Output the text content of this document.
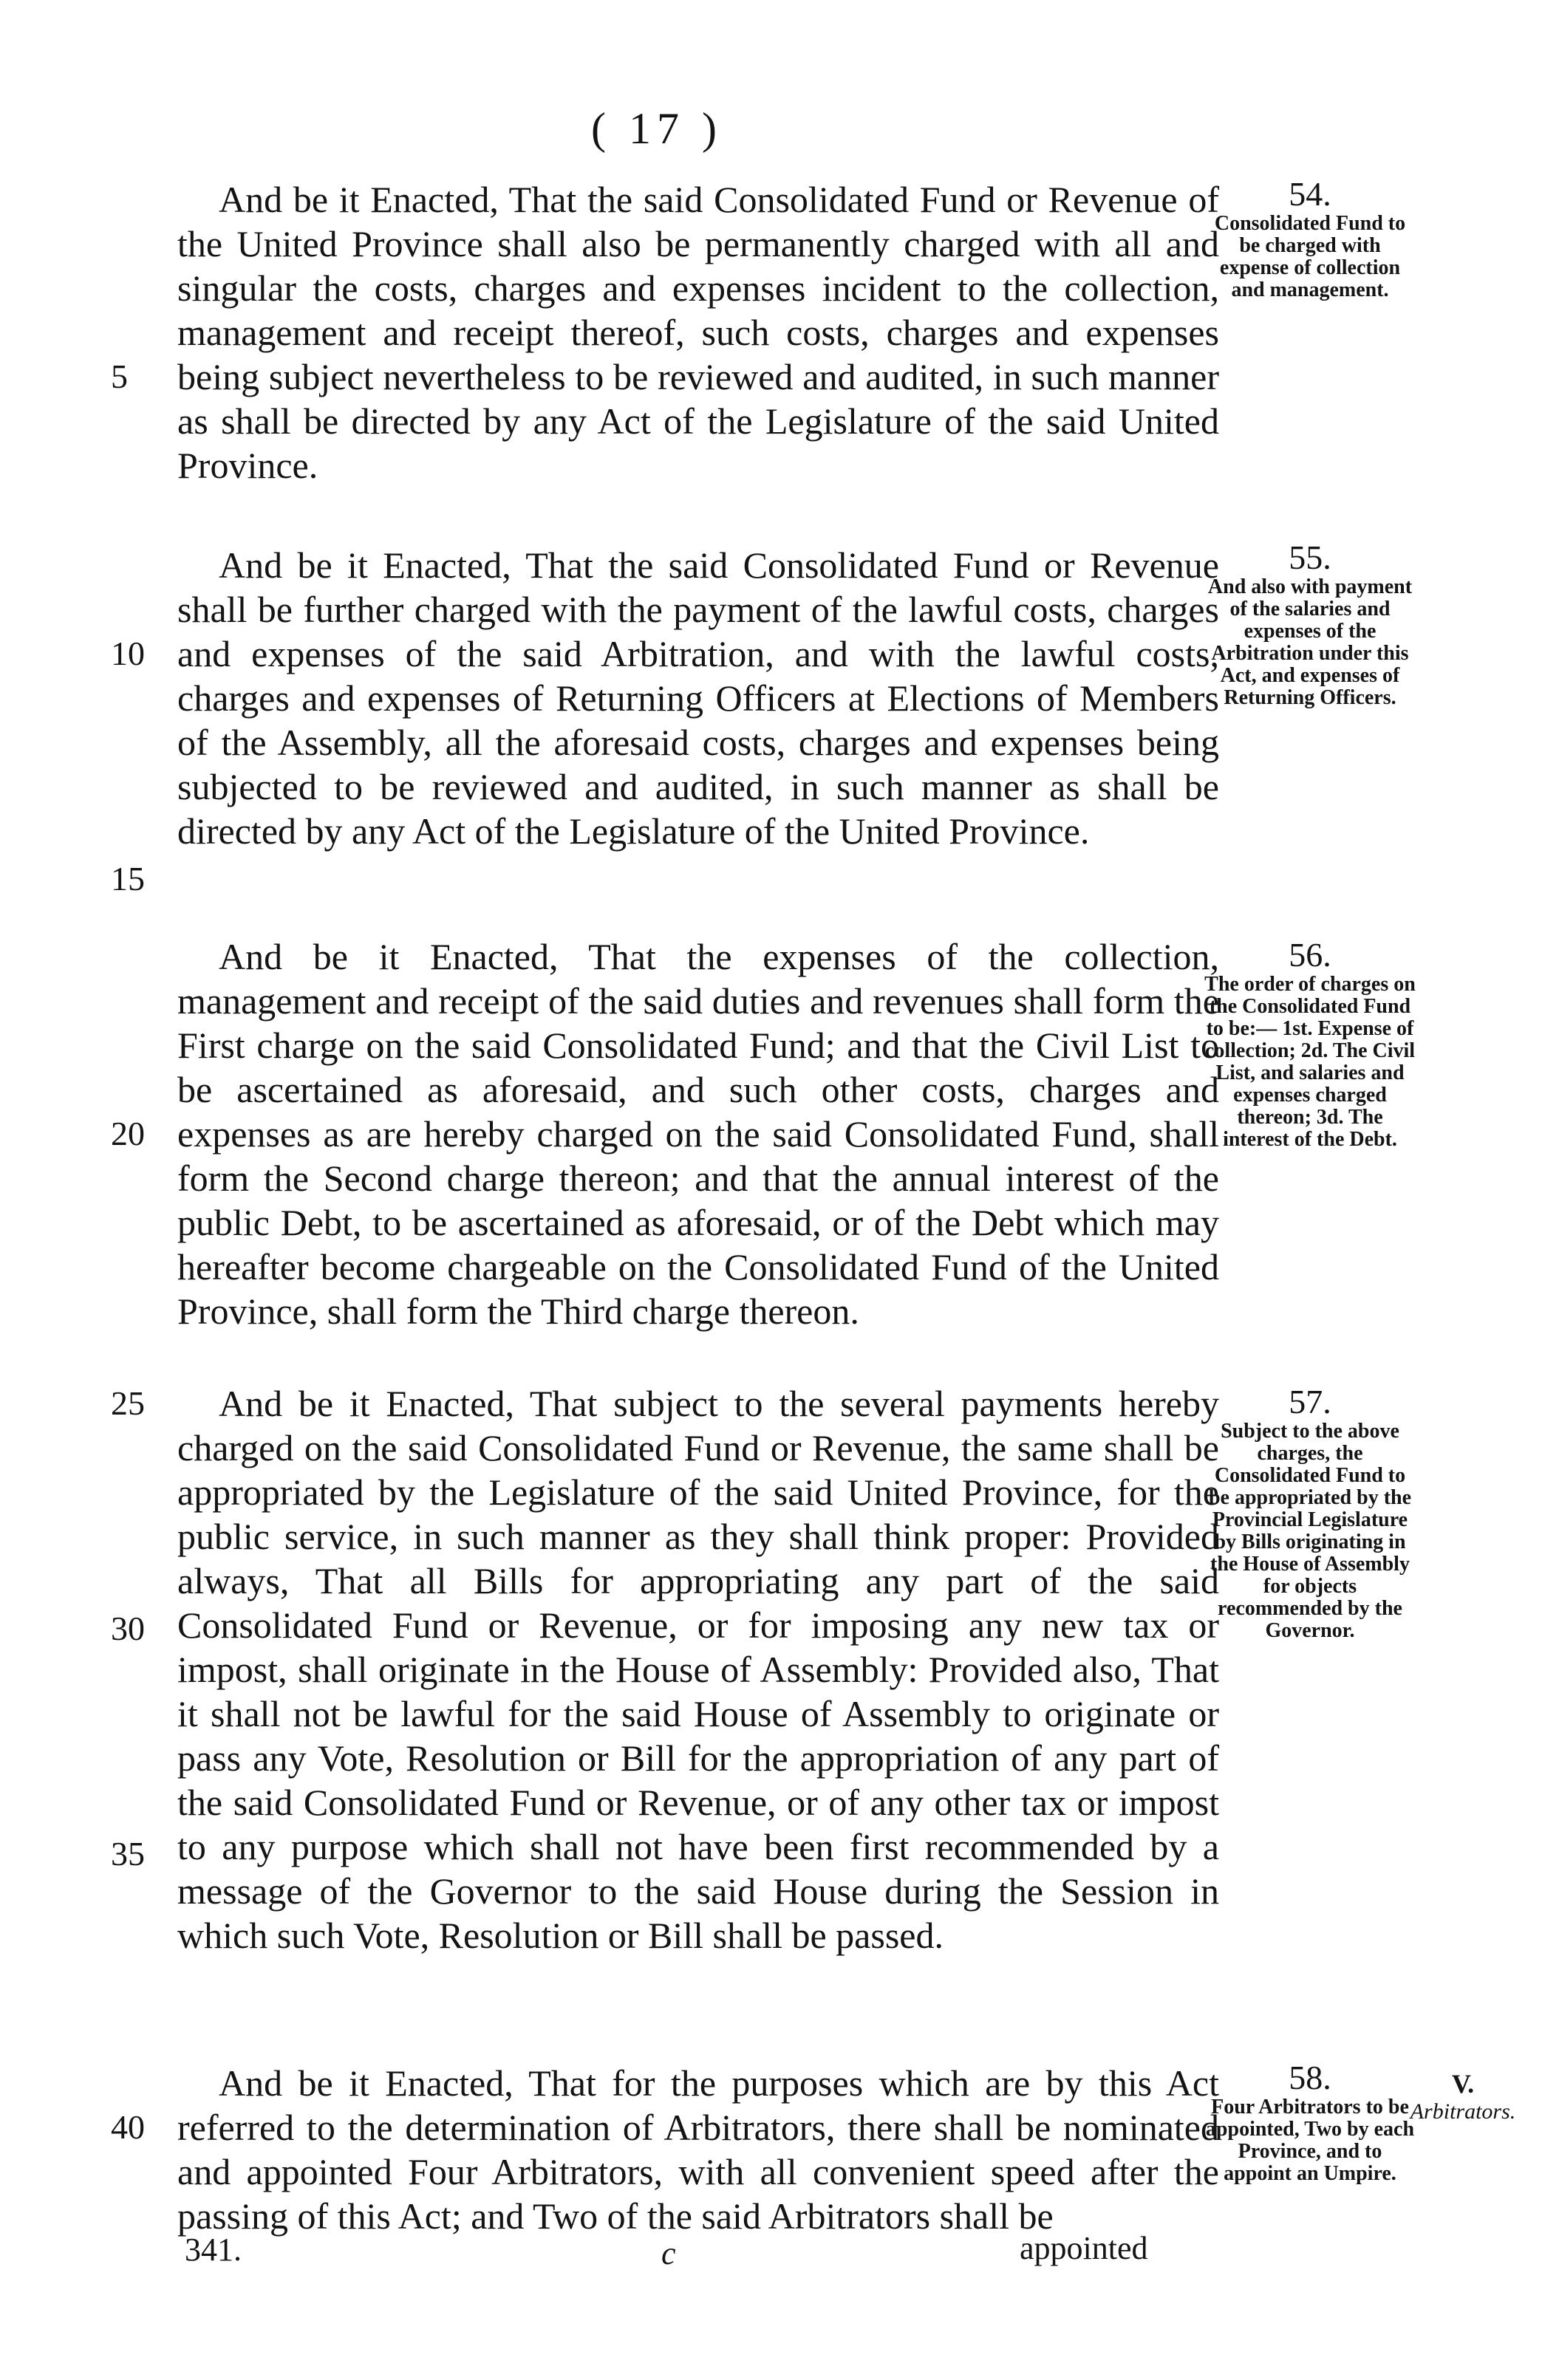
( 17 )

And be it Enacted, That the said Consolidated Fund or Revenue of the United Province shall also be permanently charged with all and singular the costs, charges and expenses incident to the collection, management and receipt thereof, such costs, charges and expenses being subject nevertheless to be reviewed and audited, in such manner as shall be directed by any Act of the Legislature of the said United Province.

54.
Consolidated Fund to be charged with expense of collection and management.

And be it Enacted, That the said Consolidated Fund or Revenue shall be further charged with the payment of the lawful costs, charges and expenses of the said Arbitration, and with the lawful costs, charges and expenses of Returning Officers at Elections of Members of the Assembly, all the aforesaid costs, charges and expenses being subjected to be reviewed and audited, in such manner as shall be directed by any Act of the Legislature of the United Province.

55.
And also with payment of the salaries and expenses of the Arbitration under this Act, and expenses of Returning Officers.

And be it Enacted, That the expenses of the collection, management and receipt of the said duties and revenues shall form the First charge on the said Consolidated Fund; and that the Civil List to be ascertained as aforesaid, and such other costs, charges and expenses as are hereby charged on the said Consolidated Fund, shall form the Second charge thereon; and that the annual interest of the public Debt, to be ascertained as aforesaid, or of the Debt which may hereafter become chargeable on the Consolidated Fund of the United Province, shall form the Third charge thereon.

56.
The order of charges on the Consolidated Fund to be:— 1st. Expense of collection; 2d. The Civil List, and salaries and expenses charged thereon; 3d. The interest of the Debt.

And be it Enacted, That subject to the several payments hereby charged on the said Consolidated Fund or Revenue, the same shall be appropriated by the Legislature of the said United Province, for the public service, in such manner as they shall think proper: Provided always, That all Bills for appropriating any part of the said Consolidated Fund or Revenue, or for imposing any new tax or impost, shall originate in the House of Assembly: Provided also, That it shall not be lawful for the said House of Assembly to originate or pass any Vote, Resolution or Bill for the appropriation of any part of the said Consolidated Fund or Revenue, or of any other tax or impost to any purpose which shall not have been first recommended by a message of the Governor to the said House during the Session in which such Vote, Resolution or Bill shall be passed.

57.
Subject to the above charges, the Consolidated Fund to be appropriated by the Provincial Legislature by Bills originating in the House of Assembly for objects recommended by the Governor.

And be it Enacted, That for the purposes which are by this Act referred to the determination of Arbitrators, there shall be nominated and appointed Four Arbitrators, with all convenient speed after the passing of this Act; and Two of the said Arbitrators shall be

58.
Four Arbitrators to be appointed, Two by each Province, and to appoint an Umpire.
V.
Arbitrators.
5
10
15
20
25
30
35
40
341.	c	appointed
